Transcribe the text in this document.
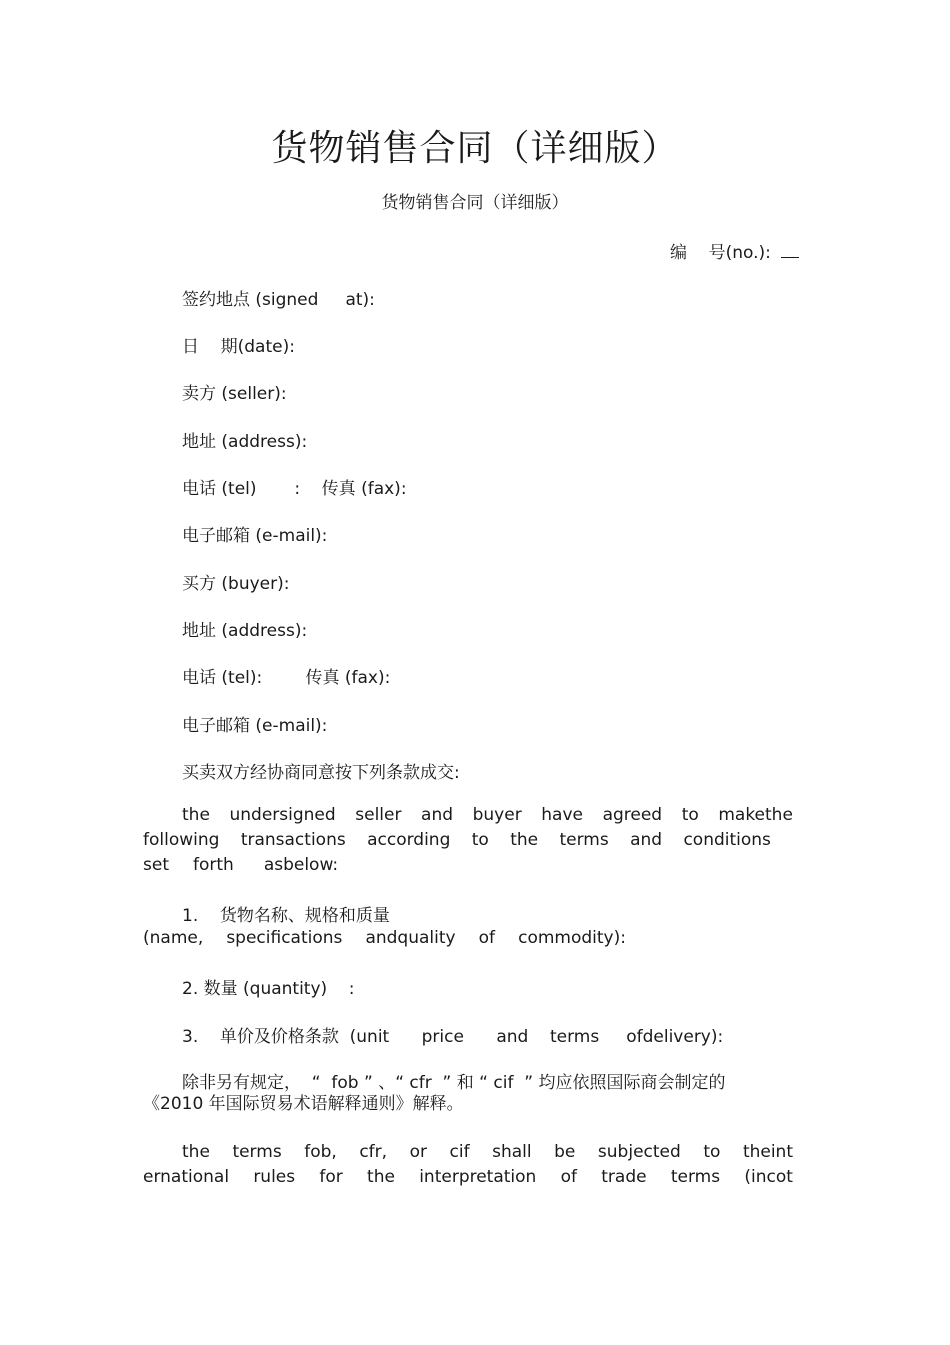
货物销售合同（详细版）
货物销售合同（详细版）
编    号(no.):
签约地点 (signed     at):
日    期(date):
卖方 (seller):
地址 (address):
电话 (tel)       :    传真 (fax):
电子邮箱 (e-mail):
买方 (buyer):
地址 (address):
电话 (tel):        传真 (fax):
电子邮箱 (e-mail):
买卖双方经协商同意按下列条款成交:
the undersigned seller and buyer have agreed to makethe
following transactions according to the terms and conditions
set forth asbelow:
1.    货物名称、规格和质量
(name, specifications andquality of commodity):
2. 数量 (quantity)    :
3.    单价及价格条款  (unit      price      and    terms     ofdelivery):
除非另有规定，  “  fob ” 、“ cfr  ” 和 “ cif  ” 均应依照国际商会制定的
《2010 年国际贸易术语解释通则》解释。
the terms fob, cfr, or cif shall be subjected to theint
ernational rules for the interpretation of trade terms (incot
